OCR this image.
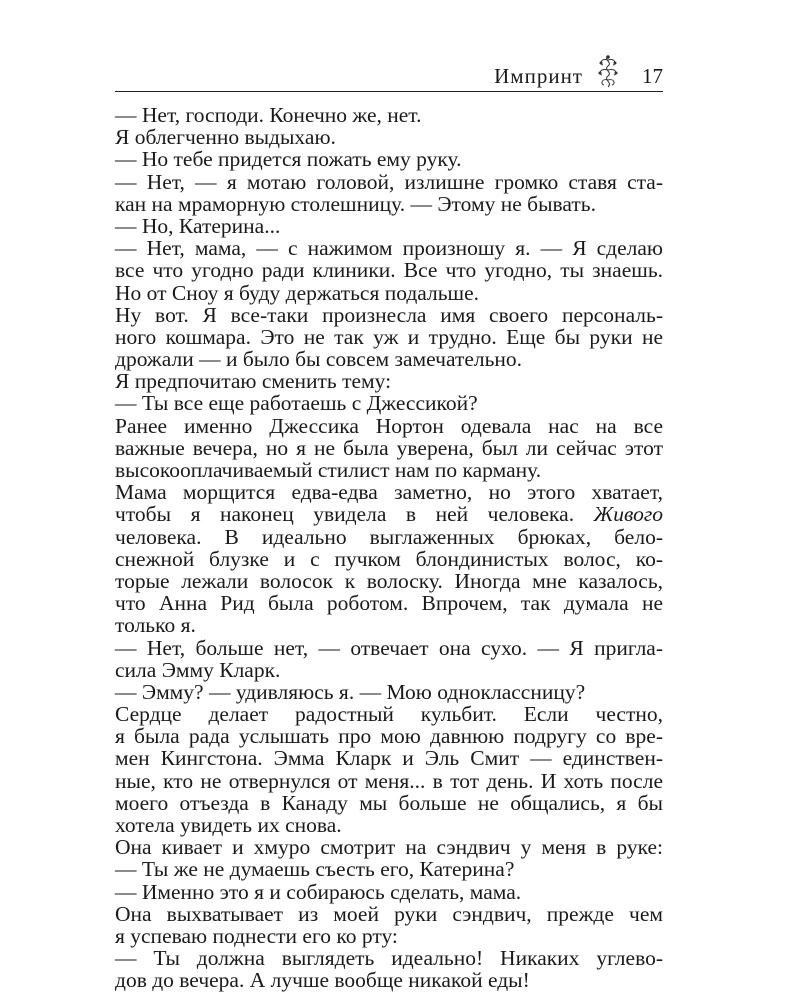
Импринт	17
— Нет, господи. Конечно же, нет.
Я облегченно выдыхаю.
— Но тебе придется пожать ему руку.
— Нет, — я мотаю головой, излишне громко ставя ста-
кан на мраморную столешницу. — Этому не бывать.
— Но, Катерина...
— Нет, мама, — с нажимом произношу я. — Я сделаю
все что угодно ради клиники. Все что угодно, ты знаешь.
Но от Сноу я буду держаться подальше.
Ну вот. Я все-таки произнесла имя своего персональ-
ного кошмара. Это не так уж и трудно. Еще бы руки не
дрожали — и было бы совсем замечательно.
Я предпочитаю сменить тему:
— Ты все еще работаешь с Джессикой?
Ранее именно Джессика Нортон одевала нас на все
важные вечера, но я не была уверена, был ли сейчас этот
высокооплачиваемый стилист нам по карману.
Мама морщится едва-едва заметно, но этого хватает,
чтобы я наконец увидела в ней человека. Живого
человека. В идеально выглаженных брюках, бело-
снежной блузке и с пучком блондинистых волос, ко-
торые лежали волосок к волоску. Иногда мне казалось,
что Анна Рид была роботом. Впрочем, так думала не
только я.
— Нет, больше нет, — отвечает она сухо. — Я пригла-
сила Эмму Кларк.
— Эмму? — удивляюсь я. — Мою одноклассницу?
Сердце делает радостный кульбит. Если честно,
я была рада услышать про мою давнюю подругу со вре-
мен Кингстона. Эмма Кларк и Эль Смит — единствен-
ные, кто не отвернулся от меня... в тот день. И хоть после
моего отъезда в Канаду мы больше не общались, я бы
хотела увидеть их снова.
Она кивает и хмуро смотрит на сэндвич у меня в руке:
— Ты же не думаешь съесть его, Катерина?
— Именно это я и собираюсь сделать, мама.
Она выхватывает из моей руки сэндвич, прежде чем
я успеваю поднести его ко рту:
— Ты должна выглядеть идеально! Никаких углево-
дов до вечера. А лучше вообще никакой еды!
